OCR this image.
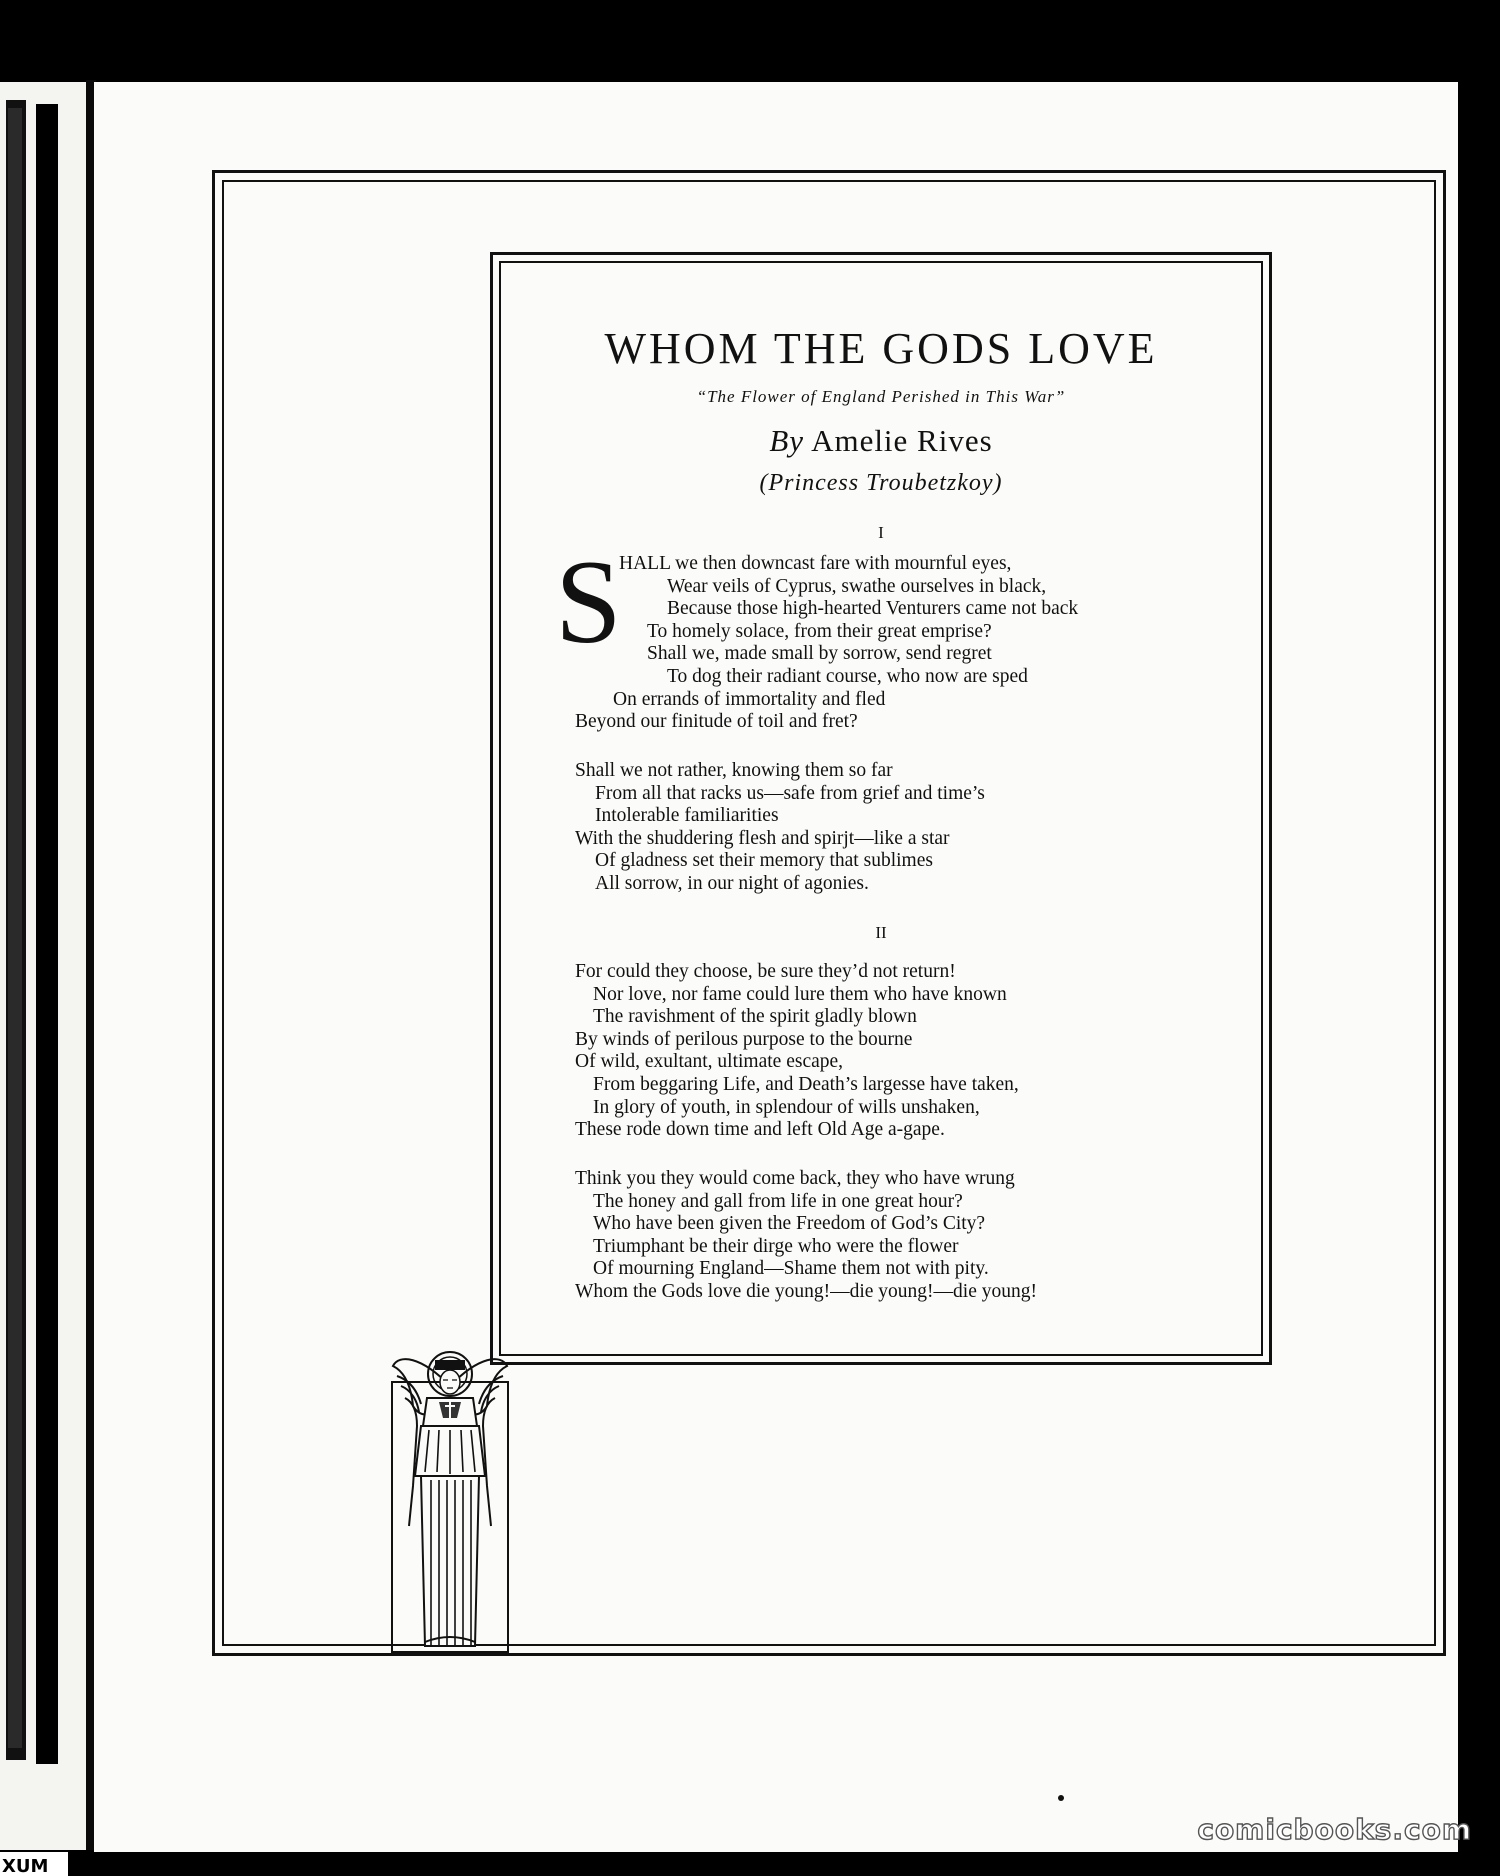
WHOM THE GODS LOVE
“The Flower of England Perished in This War”
By Amelie Rives
(Princess Troubetzkoy)
I
S
HALL we then downcast fare with mournful eyes,
Wear veils of Cyprus, swathe ourselves in black,
Because those high-hearted Venturers came not back
To homely solace, from their great emprise?
Shall we, made small by sorrow, send regret
To dog their radiant course, who now are sped
On errands of immortality and fled
Beyond our finitude of toil and fret?
Shall we not rather, knowing them so far
From all that racks us—safe from grief and time’s
Intolerable familiarities
With the shuddering flesh and spirjt—like a star
Of gladness set their memory that sublimes
All sorrow, in our night of agonies.
II
For could they choose, be sure they’d not return!
Nor love, nor fame could lure them who have known
The ravishment of the spirit gladly blown
By winds of perilous purpose to the bourne
Of wild, exultant, ultimate escape,
From beggaring Life, and Death’s largesse have taken,
In glory of youth, in splendour of wills unshaken,
These rode down time and left Old Age a-gape.
Think you they would come back, they who have wrung
The honey and gall from life in one great hour?
Who have been given the Freedom of God’s City?
Triumphant be their dirge who were the flower
Of mourning England—Shame them not with pity.
Whom the Gods love die young!—die young!—die young!
comicbooks.com
XUM
